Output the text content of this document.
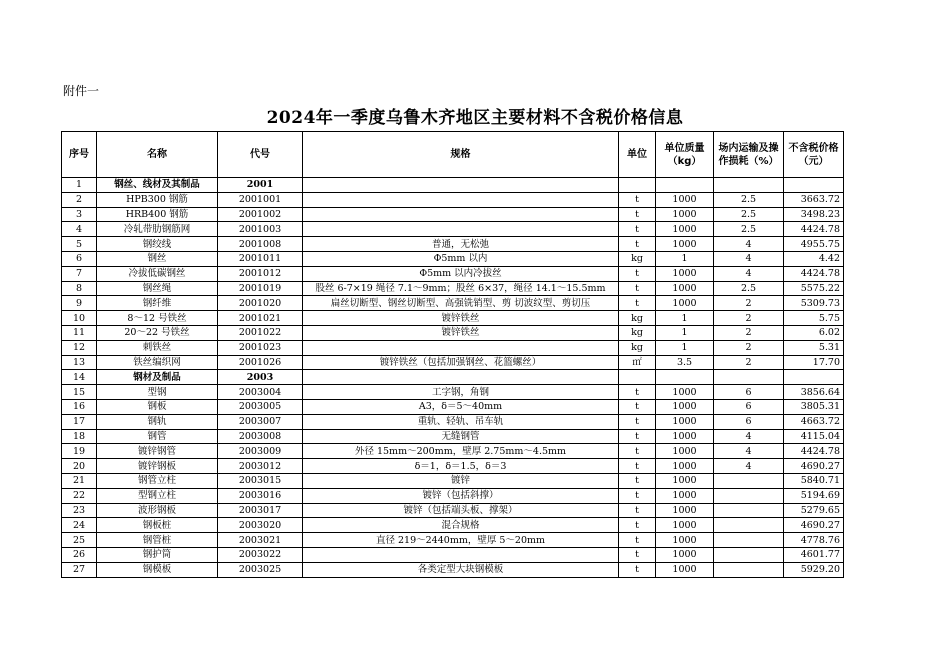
附件一
2024年一季度乌鲁木齐地区主要材料不含税价格信息
序号	名称	代号	规格	单位	单位质量（kg）	场内运输及操作损耗（%）	不含税价格（元）
1	钢丝、线材及其制品	2001					
2	HPB300 钢筋	2001001		t	1000	2.5	3663.72
3	HRB400 钢筋	2001002		t	1000	2.5	3498.23
4	冷轧带肋钢筋网	2001003		t	1000	2.5	4424.78
5	钢绞线	2001008	普通，无松弛	t	1000	4	4955.75
6	钢丝	2001011	Φ5mm 以内	kg	1	4	4.42
7	冷拔低碳钢丝	2001012	Φ5mm 以内冷拔丝	t	1000	4	4424.78
8	钢丝绳	2001019	股丝 6-7×19 绳径 7.1～9mm；股丝 6×37，绳径 14.1～15.5mm	t	1000	2.5	5575.22
9	钢纤维	2001020	扁丝切断型、钢丝切断型、高强铣销型、剪 切波纹型、剪切压	t	1000	2	5309.73
10	8～12 号铁丝	2001021	镀锌铁丝	kg	1	2	5.75
11	20～22 号铁丝	2001022	镀锌铁丝	kg	1	2	6.02
12	刺铁丝	2001023		kg	1	2	5.31
13	铁丝编织网	2001026	镀锌铁丝（包括加强钢丝、花篮螺丝）	㎡	3.5	2	17.70
14	钢材及制品	2003					
15	型钢	2003004	工字钢，角钢	t	1000	6	3856.64
16	钢板	2003005	A3，δ＝5～40mm	t	1000	6	3805.31
17	钢轨	2003007	重轨、轻轨、吊车轨	t	1000	6	4663.72
18	钢管	2003008	无缝钢管	t	1000	4	4115.04
19	镀锌钢管	2003009	外径 15mm～200mm，壁厚 2.75mm～4.5mm	t	1000	4	4424.78
20	镀锌钢板	2003012	δ＝1，δ＝1.5，δ＝3	t	1000	4	4690.27
21	钢管立柱	2003015	镀锌	t	1000		5840.71
22	型钢立柱	2003016	镀锌（包括斜撑）	t	1000		5194.69
23	波形钢板	2003017	镀锌（包括端头板、撑架）	t	1000		5279.65
24	钢板桩	2003020	混合规格	t	1000		4690.27
25	钢管桩	2003021	直径 219～2440mm，壁厚 5～20mm	t	1000		4778.76
26	钢护筒	2003022		t	1000		4601.77
27	钢模板	2003025	各类定型大块钢模板	t	1000		5929.20
